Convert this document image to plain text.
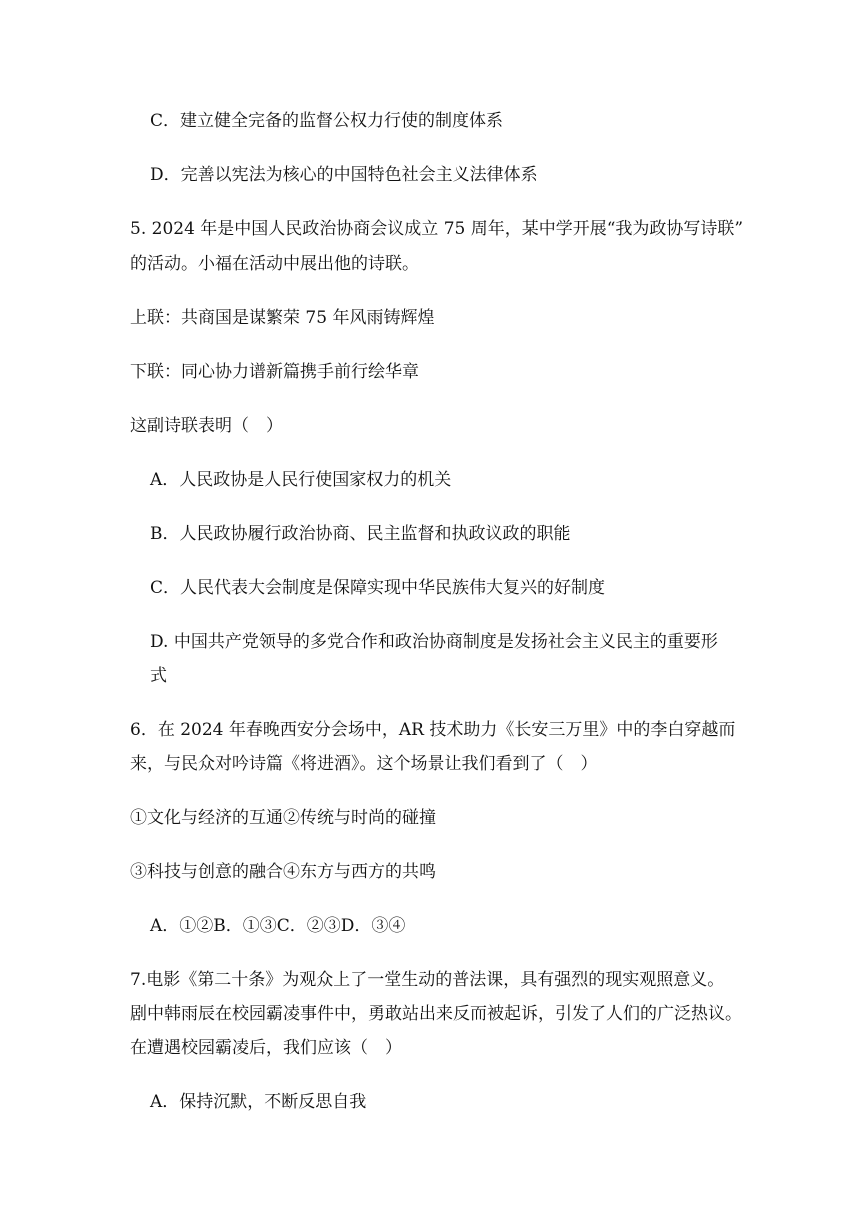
C．建立健全完备的监督公权力行使的制度体系
D．完善以宪法为核心的中国特色社会主义法律体系
5. 2024 年是中国人民政治协商会议成立 75 周年，某中学开展“我为政协写诗联”
的活动。小福在活动中展出他的诗联。
上联：共商国是谋繁荣 75 年风雨铸辉煌
下联：同心协力谱新篇携手前行绘华章
这副诗联表明（　）
A．人民政协是人民行使国家权力的机关
B．人民政协履行政治协商、民主监督和执政议政的职能
C．人民代表大会制度是保障实现中华民族伟大复兴的好制度
D. 中国共产党领导的多党合作和政治协商制度是发扬社会主义民主的重要形
式
6．在 2024 年春晚西安分会场中，AR 技术助力《长安三万里》中的李白穿越而
来，与民众对吟诗篇《将进酒》。这个场景让我们看到了（　）
①文化与经济的互通②传统与时尚的碰撞
③科技与创意的融合④东方与西方的共鸣
A．①②B．①③C．②③D．③④
7.电影《第二十条》为观众上了一堂生动的普法课，具有强烈的现实观照意义。
剧中韩雨辰在校园霸凌事件中，勇敢站出来反而被起诉，引发了人们的广泛热议。
在遭遇校园霸凌后，我们应该（　）
A．保持沉默，不断反思自我
